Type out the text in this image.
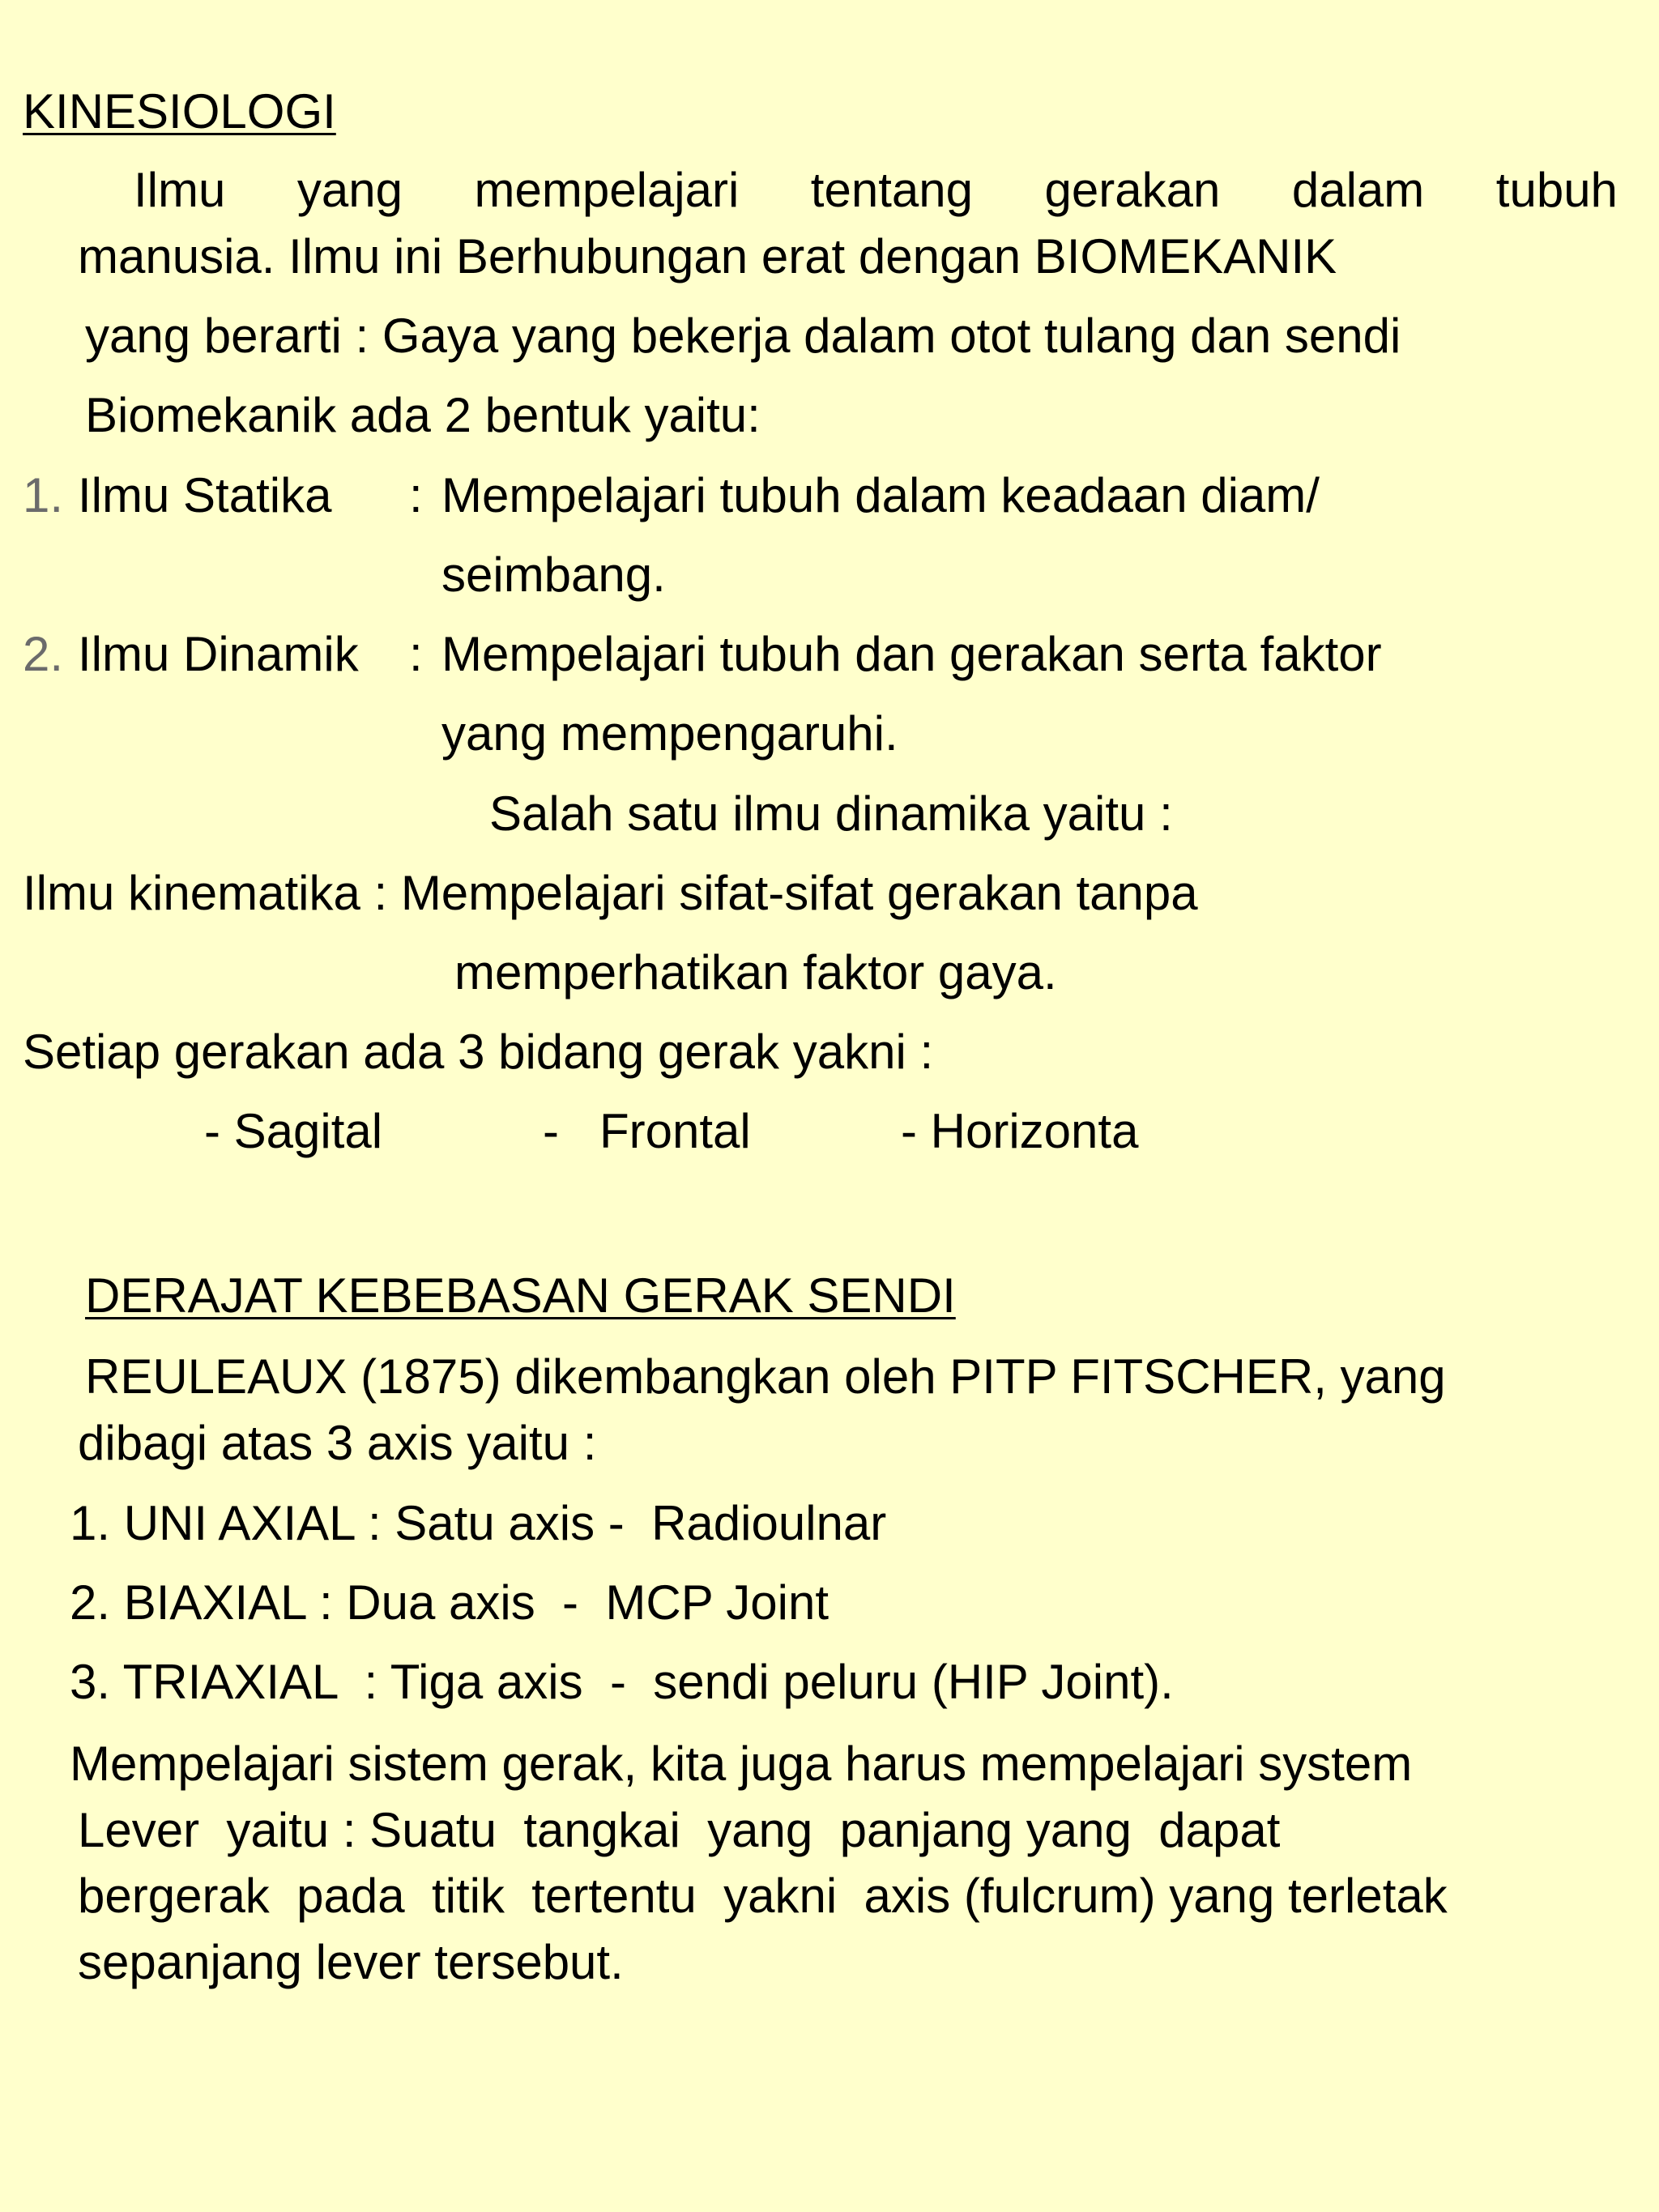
KINESIOLOGI
Ilmu yang mempelajari tentang gerakan dalam tubuh
manusia. Ilmu ini Berhubungan erat dengan BIOMEKANIK
yang berarti : Gaya yang bekerja dalam otot tulang dan sendi
Biomekanik ada 2 bentuk yaitu:
1. Ilmu Statika : Mempelajari tubuh dalam keadaan diam/
seimbang.
2. Ilmu Dinamik : Mempelajari tubuh dan gerakan serta faktor
yang mempengaruhi.
Salah satu ilmu dinamika yaitu :
Ilmu kinematika : Mempelajari sifat-sifat gerakan tanpa
memperhatikan faktor gaya.
Setiap gerakan ada 3 bidang gerak yakni :
- Sagital	-   Frontal	- Horizonta
DERAJAT KEBEBASAN GERAK SENDI
REULEAUX (1875) dikembangkan oleh PITP FITSCHER, yang
dibagi atas 3 axis yaitu :
1. UNI AXIAL : Satu axis -  Radioulnar
2. BIAXIAL : Dua axis  -  MCP Joint
3. TRIAXIAL  : Tiga axis  -  sendi peluru (HIP Joint).
Mempelajari sistem gerak, kita juga harus mempelajari system
Lever  yaitu : Suatu  tangkai  yang  panjang yang  dapat
bergerak  pada  titik  tertentu  yakni  axis (fulcrum) yang terletak
sepanjang lever tersebut.
